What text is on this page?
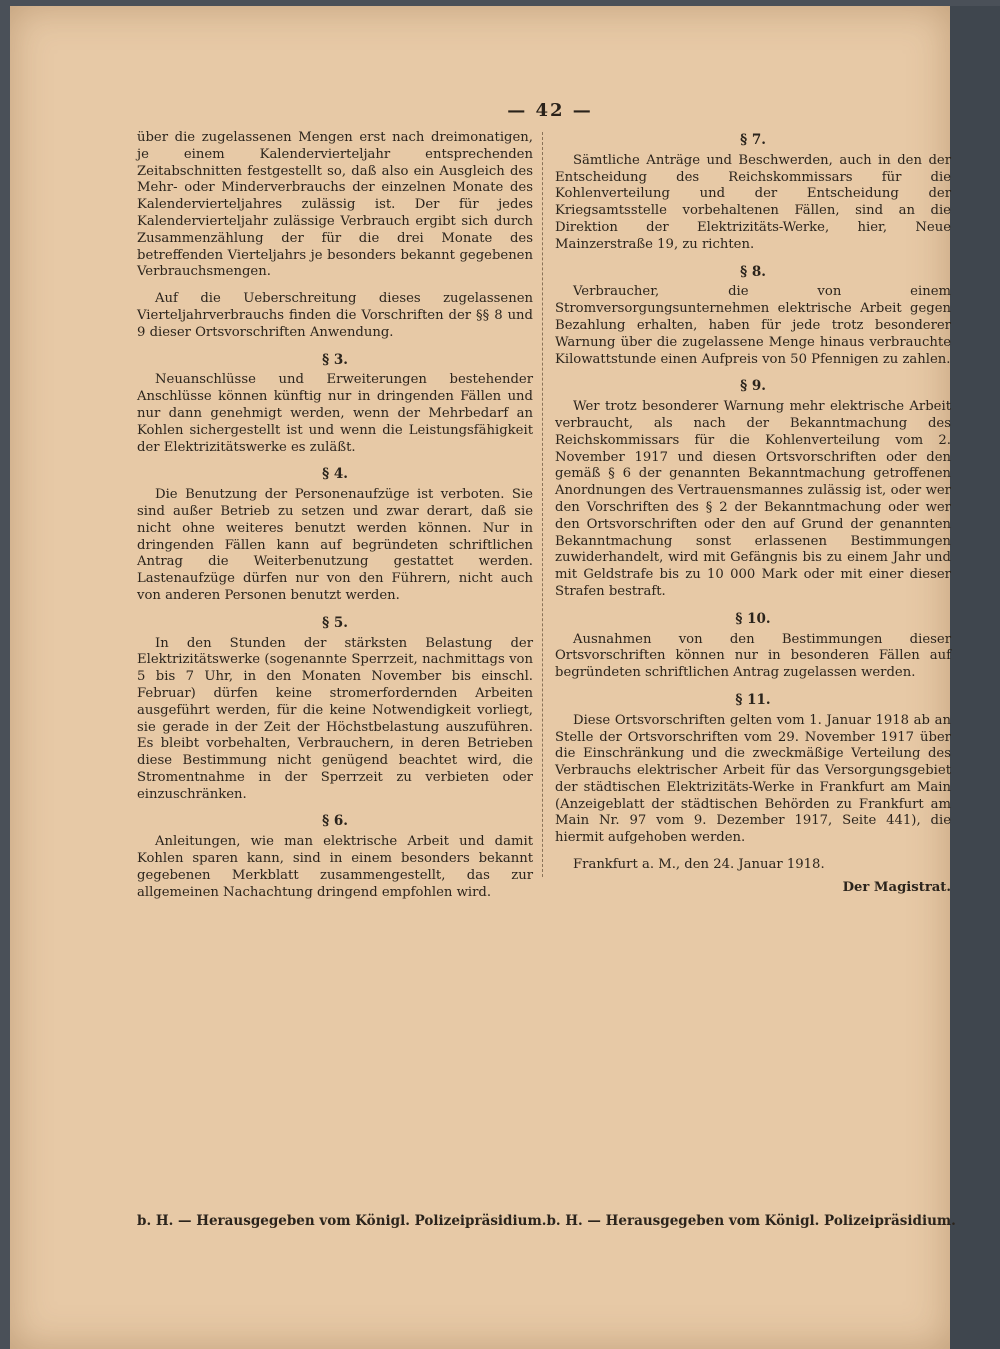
— 42 —

über die zugelassenen Mengen erst nach dreimonatigen, je einem Kalendervierteljahr entsprechenden Zeitabschnitten festgestellt so, daß also ein Ausgleich des Mehr- oder Minderverbrauchs der einzelnen Monate des Kalendervierteljahres zulässig ist. Der für jedes Kalendervierteljahr zulässige Verbrauch ergibt sich durch Zusammenzählung der für die drei Monate des betreffenden Vierteljahrs je besonders bekannt gegebenen Verbrauchsmengen.

Auf die Ueberschreitung dieses zugelassenen Vierteljahrverbrauchs finden die Vorschriften der §§ 8 und 9 dieser Ortsvorschriften Anwendung.

§ 3.

Neuanschlüsse und Erweiterungen bestehender Anschlüsse können künftig nur in dringenden Fällen und nur dann genehmigt werden, wenn der Mehrbedarf an Kohlen sichergestellt ist und wenn die Leistungsfähigkeit der Elektrizitätswerke es zuläßt.

§ 4.

Die Benutzung der Personenaufzüge ist verboten. Sie sind außer Betrieb zu setzen und zwar derart, daß sie nicht ohne weiteres benutzt werden können. Nur in dringenden Fällen kann auf begründeten schriftlichen Antrag die Weiterbenutzung gestattet werden. Lastenaufzüge dürfen nur von den Führern, nicht auch von anderen Personen benutzt werden.

§ 5.

In den Stunden der stärksten Belastung der Elektrizitätswerke (sogenannte Sperrzeit, nachmittags von 5 bis 7 Uhr, in den Monaten November bis einschl. Februar) dürfen keine stromerfordernden Arbeiten ausgeführt werden, für die keine Notwendigkeit vorliegt, sie gerade in der Zeit der Höchstbelastung auszuführen. Es bleibt vorbehalten, Verbrauchern, in deren Betrieben diese Bestimmung nicht genügend beachtet wird, die Stromentnahme in der Sperrzeit zu verbieten oder einzuschränken.

§ 6.

Anleitungen, wie man elektrische Arbeit und damit Kohlen sparen kann, sind in einem besonders bekannt gegebenen Merkblatt zusammengestellt, das zur allgemeinen Nachachtung dringend empfohlen wird.

§ 7.

Sämtliche Anträge und Beschwerden, auch in den der Entscheidung des Reichskommissars für die Kohlenverteilung und der Entscheidung der Kriegsamtsstelle vorbehaltenen Fällen, sind an die Direktion der Elektrizitäts-Werke, hier, Neue Mainzerstraße 19, zu richten.

§ 8.

Verbraucher, die von einem Stromversorgungsunternehmen elektrische Arbeit gegen Bezahlung erhalten, haben für jede trotz besonderer Warnung über die zugelassene Menge hinaus verbrauchte Kilowattstunde einen Aufpreis von 50 Pfennigen zu zahlen.

§ 9.

Wer trotz besonderer Warnung mehr elektrische Arbeit verbraucht, als nach der Bekanntmachung des Reichskommissars für die Kohlenverteilung vom 2. November 1917 und diesen Ortsvorschriften oder den gemäß § 6 der genannten Bekanntmachung getroffenen Anordnungen des Vertrauensmannes zulässig ist, oder wer den Vorschriften des § 2 der Bekanntmachung oder wer den Ortsvorschriften oder den auf Grund der genannten Bekanntmachung sonst erlassenen Bestimmungen zuwiderhandelt, wird mit Gefängnis bis zu einem Jahr und mit Geldstrafe bis zu 10 000 Mark oder mit einer dieser Strafen bestraft.

§ 10.

Ausnahmen von den Bestimmungen dieser Ortsvorschriften können nur in besonderen Fällen auf begründeten schriftlichen Antrag zugelassen werden.

§ 11.

Diese Ortsvorschriften gelten vom 1. Januar 1918 ab an Stelle der Ortsvorschriften vom 29. November 1917 über die Einschränkung und die zweckmäßige Verteilung des Verbrauchs elektrischer Arbeit für das Versorgungsgebiet der städtischen Elektrizitäts-Werke in Frankfurt am Main (Anzeigeblatt der städtischen Behörden zu Frankfurt am Main Nr. 97 vom 9. Dezember 1917, Seite 441), die hiermit aufgehoben werden.

Frankfurt a. M., den 24. Januar 1918.

Der Magistrat.
b. H. — Herausgegeben vom Königl. Polizeipräsidium. b. H. — Herausgegeben vom Königl. Polizeipräsidium.
